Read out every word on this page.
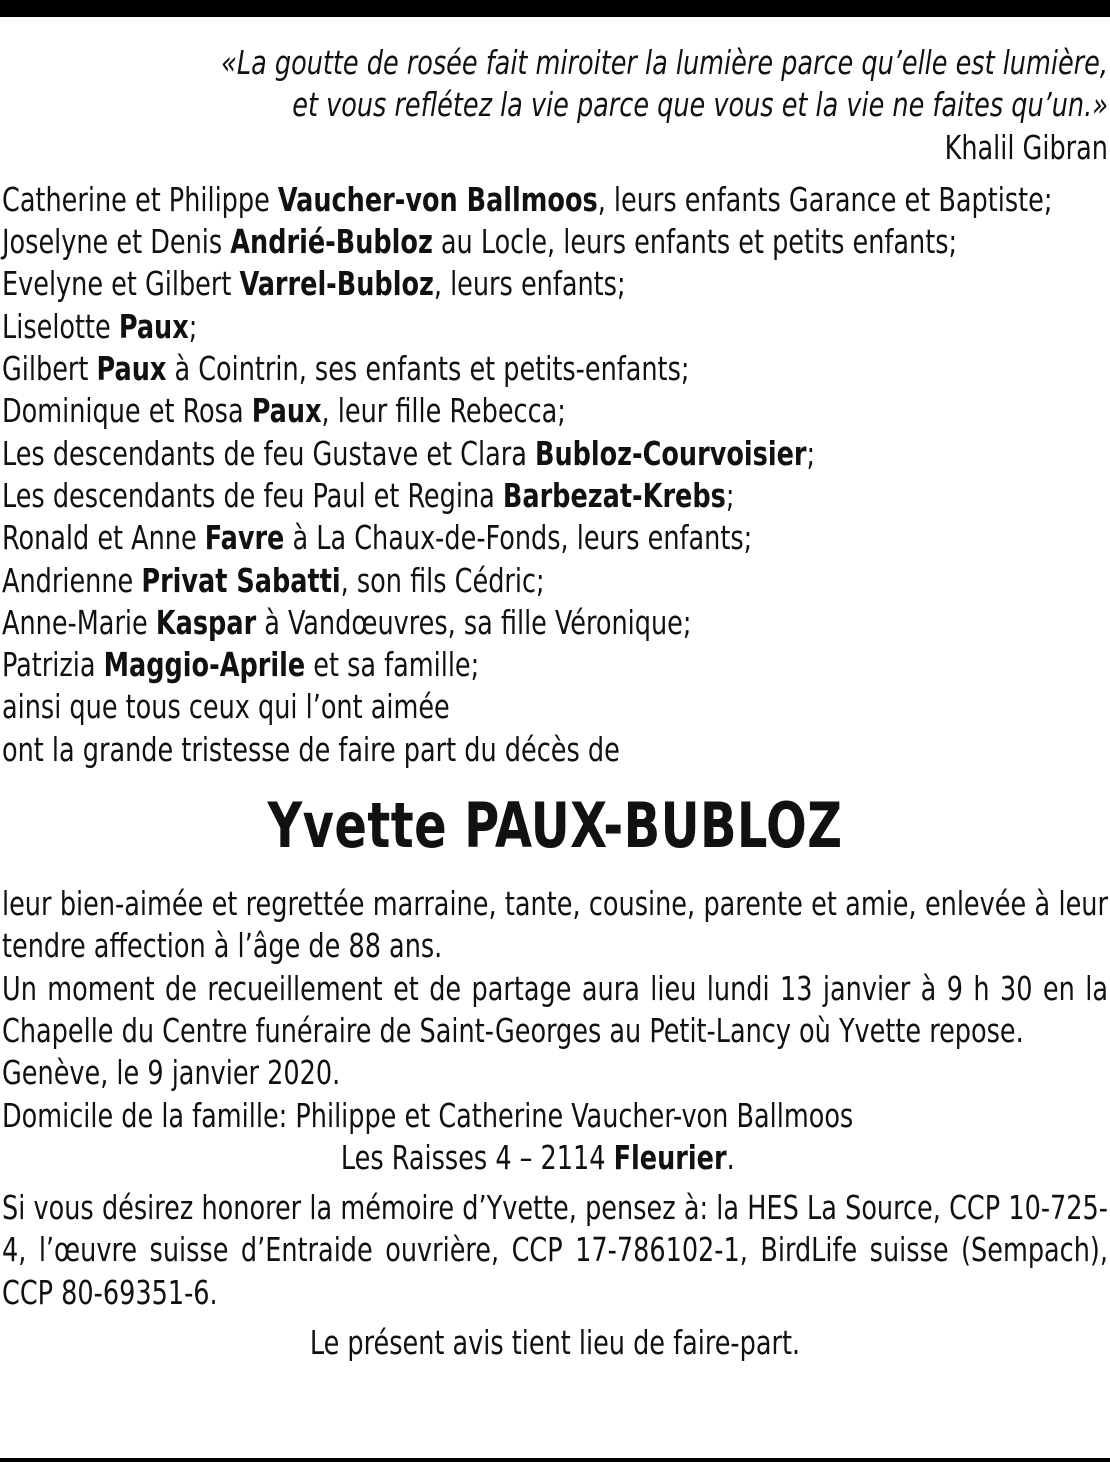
«La goutte de rosée fait miroiter la lumière parce qu’elle est lumière,
et vous reflétez la vie parce que vous et la vie ne faites qu’un.»
Khalil Gibran
Catherine et Philippe Vaucher-von Ballmoos, leurs enfants Garance et Baptiste;
Joselyne et Denis Andrié-Bubloz au Locle, leurs enfants et petits enfants;
Evelyne et Gilbert Varrel-Bubloz, leurs enfants;
Liselotte Paux;
Gilbert Paux à Cointrin, ses enfants et petits-enfants;
Dominique et Rosa Paux, leur fille Rebecca;
Les descendants de feu Gustave et Clara Bubloz-Courvoisier;
Les descendants de feu Paul et Regina Barbezat-Krebs;
Ronald et Anne Favre à La Chaux-de-Fonds, leurs enfants;
Andrienne Privat Sabatti, son fils Cédric;
Anne-Marie Kaspar à Vandœuvres, sa fille Véronique;
Patrizia Maggio-Aprile et sa famille;
ainsi que tous ceux qui l’ont aimée
ont la grande tristesse de faire part du décès de
Yvette PAUX-BUBLOZ
leur bien-aimée et regrettée marraine, tante, cousine, parente et amie, enlevée à leur tendre affection à l’âge de 88 ans.
Un moment de recueillement et de partage aura lieu lundi 13 janvier à 9 h 30 en la Chapelle du Centre funéraire de Saint-Georges au Petit-Lancy où Yvette repose.
Genève, le 9 janvier 2020.
Domicile de la famille: Philippe et Catherine Vaucher-von Ballmoos
Les Raisses 4 – 2114 Fleurier.
Si vous désirez honorer la mémoire d’Yvette, pensez à: la HES La Source, CCP 10-725-4, l’œuvre suisse d’Entraide ouvrière, CCP 17-786102-1, BirdLife suisse (Sempach), CCP 80-69351-6.
Le présent avis tient lieu de faire-part.
